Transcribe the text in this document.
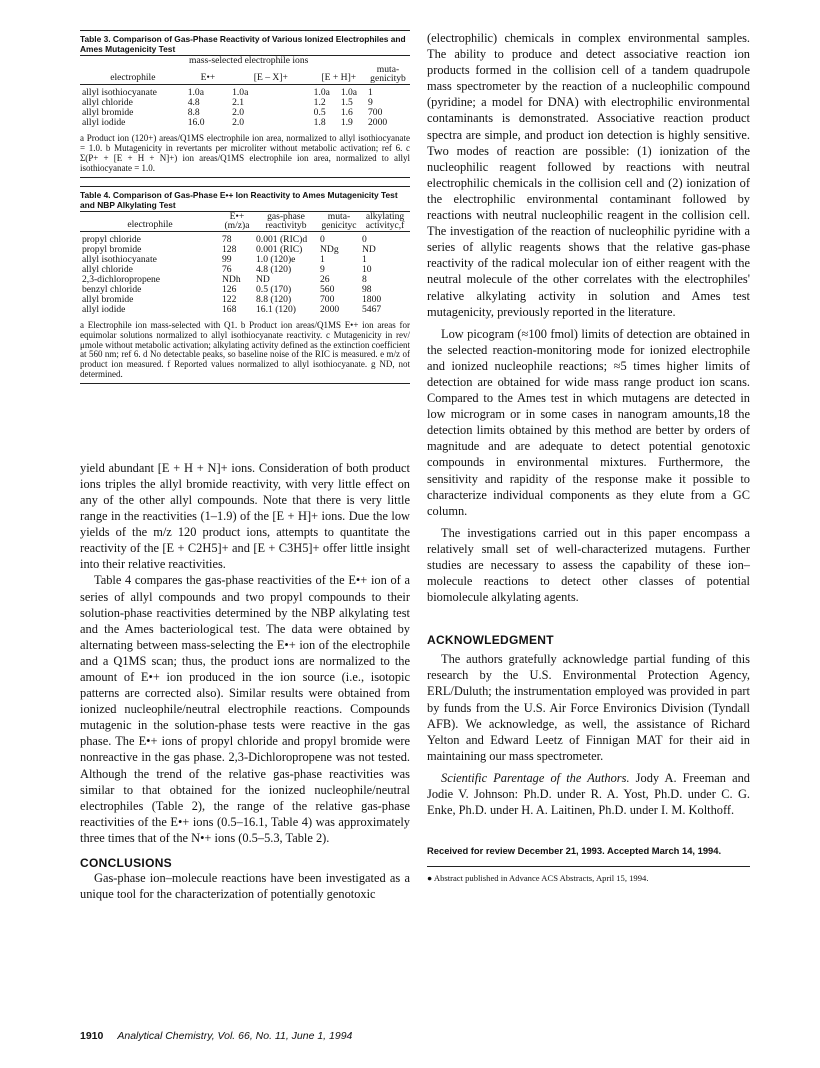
Table 3. Comparison of Gas-Phase Reactivity of Various Ionized Electrophiles and Ames Mutagenicity Test
	mass-selected electrophile ions				
electrophile	E•+	[E – X]+	[E + H]+		muta-genicityb
allyl isothiocyanate	1.0a	1.0a	1.0a	1.0a	1
allyl chloride	4.8	2.1	1.2	1.5	9
allyl bromide	8.8	2.0	0.5	1.6	700
allyl iodide	16.0	2.0	1.8	1.9	2000
a Product ion (120+) areas/Q1MS electrophile ion area, normalized to allyl isothiocyanate = 1.0. b Mutagenicity in revertants per microliter without metabolic activation; ref 6. c Σ(P+ + [E + H + N]+) ion areas/Q1MS electrophile ion area, normalized to allyl isothiocyanate = 1.0.
Table 4. Comparison of Gas-Phase E•+ Ion Reactivity to Ames Mutagenicity Test and NBP Alkylating Test
electrophile	E•+ (m/z)a	gas-phase reactivityb	muta-genicityc	alkylating activityc,f
propyl chloride	78	0.001 (RIC)d	0	0
propyl bromide	128	0.001 (RIC)	NDg	ND
allyl isothiocyanate	99	1.0 (120)e	1	1
allyl chloride	76	4.8 (120)	9	10
2,3-dichloropropene	NDh	ND	26	8
benzyl chloride	126	0.5 (170)	560	98
allyl bromide	122	8.8 (120)	700	1800
allyl iodide	168	16.1 (120)	2000	5467
a Electrophile ion mass-selected with Q1. b Product ion areas/Q1MS E•+ ion areas for equimolar solutions normalized to allyl isothiocyanate reactivity. c Mutagenicity in rev/μmole without metabolic activation; alkylating activity defined as the extinction coefficient at 560 nm; ref 6. d No detectable peaks, so baseline noise of the RIC is measured. e m/z of product ion measured. f Reported values normalized to allyl isothiocyanate. g ND, not determined.

yield abundant [E + H + N]+ ions. Consideration of both product ions triples the allyl bromide reactivity, with very little effect on any of the other allyl compounds. Note that there is very little range in the reactivities (1–1.9) of the [E + H]+ ions. Due the low yields of the m/z 120 product ions, attempts to quantitate the reactivity of the [E + C2H5]+ and [E + C3H5]+ offer little insight into their relative reactivities.

Table 4 compares the gas-phase reactivities of the E•+ ion of a series of allyl compounds and two propyl compounds to their solution-phase reactivities determined by the NBP alkylating test and the Ames bacteriological test. The data were obtained by alternating between mass-selecting the E•+ ion of the electrophile and a Q1MS scan; thus, the product ions are normalized to the amount of E•+ ion produced in the ion source (i.e., isotopic patterns are corrected also). Similar results were obtained from ionized nucleophile/neutral electrophile reactions. Compounds mutagenic in the solution-phase tests were reactive in the gas phase. The E•+ ions of propyl chloride and propyl bromide were nonreactive in the gas phase. 2,3-Dichloropropene was not tested. Although the trend of the relative gas-phase reactivities was similar to that obtained for the ionized nucleophile/neutral electrophiles (Table 2), the range of the relative gas-phase reactivities of the E•+ ions (0.5–16.1, Table 4) was approximately three times that of the N•+ ions (0.5–5.3, Table 2).

CONCLUSIONS

Gas-phase ion–molecule reactions have been investigated as a unique tool for the characterization of potentially genotoxic

(electrophilic) chemicals in complex environmental samples. The ability to produce and detect associative reaction ion products formed in the collision cell of a tandem quadrupole mass spectrometer by the reaction of a nucleophilic compound (pyridine; a model for DNA) with electrophilic environmental contaminants is demonstrated. Associative reaction product spectra are simple, and product ion detection is highly sensitive. Two modes of reaction are possible: (1) ionization of the nucleophilic reagent followed by reactions with neutral electrophilic chemicals in the collision cell and (2) ionization of the electrophilic environmental contaminant followed by reactions with neutral nucleophilic reagent in the collision cell. The investigation of the reaction of nucleophilic pyridine with a series of allylic reagents shows that the relative gas-phase reactivity of the radical molecular ion of either reagent with the neutral molecule of the other correlates with the electrophiles' relative alkylating activity in solution and Ames test mutagenicity, previously reported in the literature.

Low picogram (≈100 fmol) limits of detection are obtained in the selected reaction-monitoring mode for ionized electrophile and ionized nucleophile reactions; ≈5 times higher limits of detection are obtained for wide mass range product ion scans. Compared to the Ames test in which mutagens are detected in low microgram or in some cases in nanogram amounts,18 the detection limits obtained by this method are better by orders of magnitude and are adequate to detect potential genotoxic compounds in environmental mixtures. Furthermore, the sensitivity and rapidity of the response make it possible to characterize individual components as they elute from a GC column.

The investigations carried out in this paper encompass a relatively small set of well-characterized mutagens. Further studies are necessary to assess the capability of these ion–molecule reactions to detect other classes of potential biomolecule alkylating agents.

ACKNOWLEDGMENT

The authors gratefully acknowledge partial funding of this research by the U.S. Environmental Protection Agency, ERL/Duluth; the instrumentation employed was provided in part by funds from the U.S. Air Force Environics Division (Tyndall AFB). We acknowledge, as well, the assistance of Richard Yelton and Edward Leetz of Finnigan MAT for their aid in maintaining our mass spectrometer.

Scientific Parentage of the Authors. Jody A. Freeman and Jodie V. Johnson: Ph.D. under R. A. Yost, Ph.D. under C. G. Enke, Ph.D. under H. A. Laitinen, Ph.D. under I. M. Kolthoff.

Received for review December 21, 1993. Accepted March 14, 1994.
● Abstract published in Advance ACS Abstracts, April 15, 1994.
1910 Analytical Chemistry, Vol. 66, No. 11, June 1, 1994
